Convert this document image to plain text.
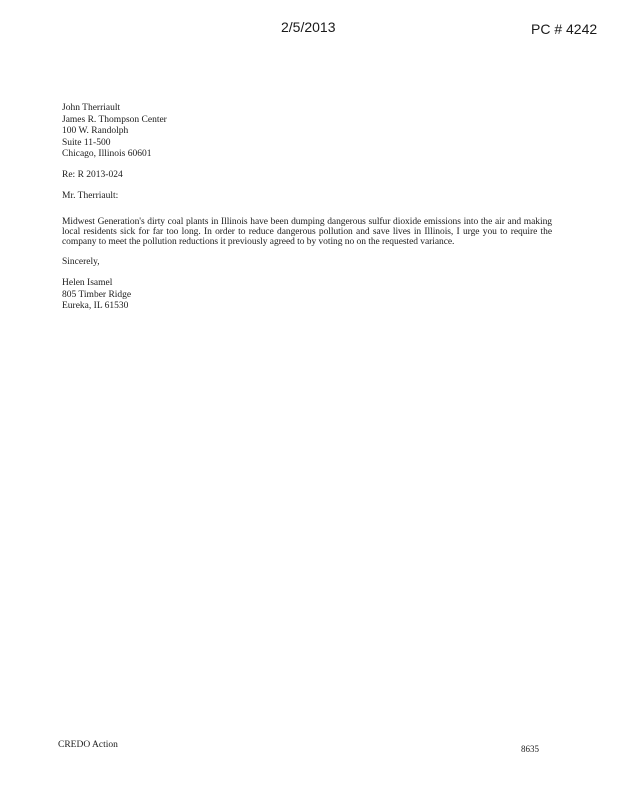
2/5/2013	PC # 4242
John Therriault
James R. Thompson Center
100 W. Randolph
Suite 11-500
Chicago, Illinois 60601
Re: R 2013-024
Mr. Therriault:
Midwest Generation's dirty coal plants in Illinois have been dumping dangerous sulfur dioxide emissions into the air and making local residents sick for far too long. In order to reduce dangerous pollution and save lives in Illinois, I urge you to require the company to meet the pollution reductions it previously agreed to by voting no on the requested variance.
Sincerely,
Helen Isamel
805 Timber Ridge
Eureka, IL 61530
CREDO Action	8635
